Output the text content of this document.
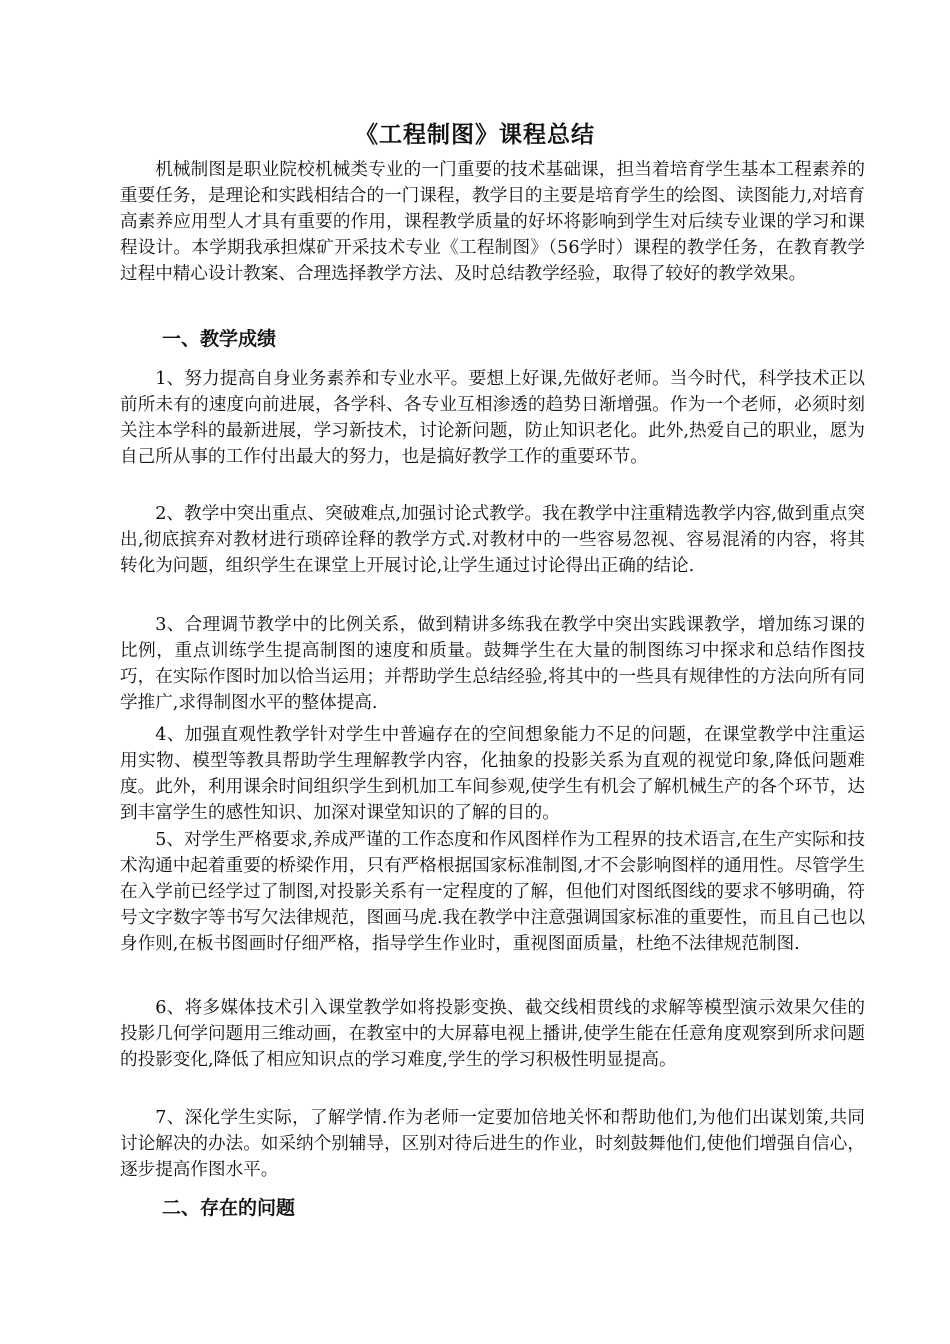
《工程制图》课程总结

机械制图是职业院校机械类专业的一门重要的技术基础课，担当着培育学生基本工程素养的重要任务，是理论和实践相结合的一门课程，教学目的主要是培育学生的绘图、读图能力,对培育高素养应用型人才具有重要的作用，课程教学质量的好坏将影响到学生对后续专业课的学习和课程设计。本学期我承担煤矿开采技术专业《工程制图》（56学时）课程的教学任务，在教育教学过程中精心设计教案、合理选择教学方法、及时总结教学经验，取得了较好的教学效果。

一、教学成绩

1、努力提高自身业务素养和专业水平。要想上好课,先做好老师。当今时代，科学技术正以前所未有的速度向前进展，各学科、各专业互相渗透的趋势日渐增强。作为一个老师，必须时刻关注本学科的最新进展，学习新技术，讨论新问题，防止知识老化。此外,热爱自己的职业，愿为自己所从事的工作付出最大的努力，也是搞好教学工作的重要环节。

2、教学中突出重点、突破难点,加强讨论式教学。我在教学中注重精选教学内容,做到重点突出,彻底摈弃对教材进行琐碎诠释的教学方式.对教材中的一些容易忽视、容易混淆的内容，将其转化为问题，组织学生在课堂上开展讨论,让学生通过讨论得出正确的结论.

3、合理调节教学中的比例关系，做到精讲多练我在教学中突出实践课教学，增加练习课的比例，重点训练学生提高制图的速度和质量。鼓舞学生在大量的制图练习中探求和总结作图技巧，在实际作图时加以恰当运用；并帮助学生总结经验,将其中的一些具有规律性的方法向所有同学推广,求得制图水平的整体提高.

4、加强直观性教学针对学生中普遍存在的空间想象能力不足的问题，在课堂教学中注重运用实物、模型等教具帮助学生理解教学内容，化抽象的投影关系为直观的视觉印象,降低问题难度。此外，利用课余时间组织学生到机加工车间参观,使学生有机会了解机械生产的各个环节，达到丰富学生的感性知识、加深对课堂知识的了解的目的。

5、对学生严格要求,养成严谨的工作态度和作风图样作为工程界的技术语言,在生产实际和技术沟通中起着重要的桥梁作用，只有严格根据国家标准制图,才不会影响图样的通用性。尽管学生在入学前已经学过了制图,对投影关系有一定程度的了解，但他们对图纸图线的要求不够明确，符号文字数字等书写欠法律规范，图画马虎.我在教学中注意强调国家标准的重要性，而且自己也以身作则,在板书图画时仔细严格，指导学生作业时，重视图面质量，杜绝不法律规范制图.

6、将多媒体技术引入课堂教学如将投影变换、截交线相贯线的求解等模型演示效果欠佳的投影几何学问题用三维动画，在教室中的大屏幕电视上播讲,使学生能在任意角度观察到所求问题的投影变化,降低了相应知识点的学习难度,学生的学习积极性明显提高。

7、深化学生实际，了解学情.作为老师一定要加倍地关怀和帮助他们,为他们出谋划策,共同讨论解决的办法。如采纳个别辅导，区别对待后进生的作业，时刻鼓舞他们,使他们增强自信心，逐步提高作图水平。

二、存在的问题
